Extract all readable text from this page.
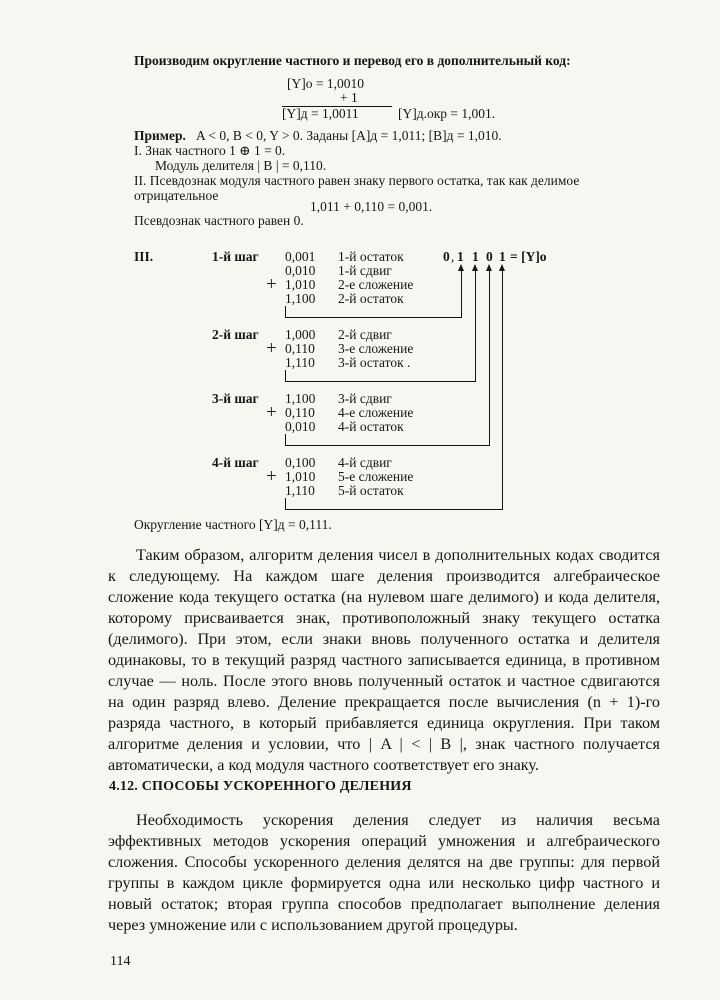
Производим округление частного и перевод его в дополнительный код:
[Y]о = 1,0010
+ 1
[Y]д = 1,0011	[Y]д.окр = 1,001.
Пример. A < 0, B < 0, Y > 0. Заданы [A]д = 1,011; [B]д = 1,010.
I. Знак частного 1 ⊕ 1 = 0.
Модуль делителя | B | = 0,110.
II. Псевдознак модуля частного равен знаку первого остатка, так как делимое
отрицательное
1,011 + 0,110 = 0,001.
Псевдознак частного равен 0.
III.	0 , 1 1 0 1 = [Y]о
1-й шаг 0,001 1-й остаток
0,010 1-й сдвиг
+ 1,010 2-е сложение
1,100 2-й остаток
2-й шаг 1,000 2-й сдвиг
+ 0,110 3-е сложение
1,110 3-й остаток .
3-й шаг 1,100 3-й сдвиг
+ 0,110 4-е сложение
0,010 4-й остаток
4-й шаг 0,100 4-й сдвиг
+ 1,010 5-е сложение
1,110 5-й остаток
Округление частного [Y]д = 0,111.

Таким образом, алгоритм деления чисел в дополнительных кодах сводится к следующему. На каждом шаге деления производится алгебраическое сложение кода текущего остатка (на нулевом шаге делимого) и кода делителя, которому присваивается знак, противоположный знаку текущего остатка (делимого). При этом, если знаки вновь полученного остатка и делителя одинаковы, то в текущий разряд частного записывается единица, в противном случае — ноль. После этого вновь полученный остаток и частное сдвигаются на один разряд влево. Деление прекращается после вычисления (n + 1)-го разряда частного, в который прибавляется единица округления. При таком алгоритме деления и условии, что | A | < | B |, знак частного получается автоматически, а код модуля частного соответствует его знаку.

4.12. СПОСОБЫ УСКОРЕННОГО ДЕЛЕНИЯ

Необходимость ускорения деления следует из наличия весьма эффективных методов ускорения операций умножения и алгебраического сложения. Способы ускоренного деления делятся на две группы: для первой группы в каждом цикле формируется одна или несколько цифр частного и новый остаток; вторая группа способов предполагает выполнение деления через умножение или с использованием другой процедуры.

114
